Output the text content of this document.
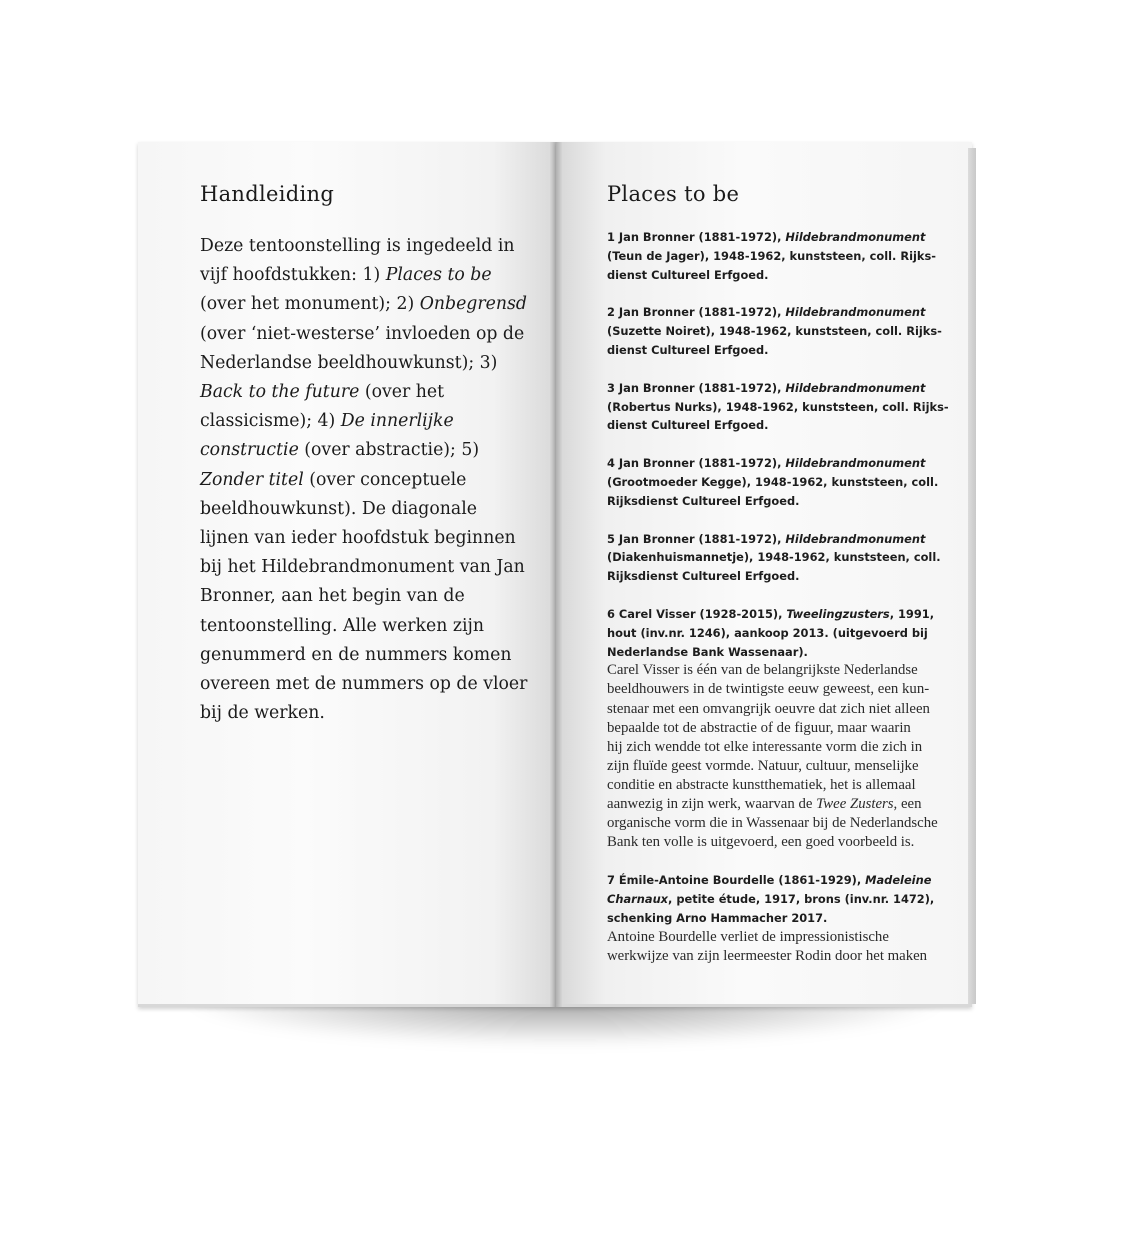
Handleiding

Deze tentoonstelling is ingedeeld in vijf hoofdstukken: 1) Places to be (over het monument); 2) Onbegrensd (over ‘niet-westerse’ invloeden op de Nederlandse beeldhouwkunst); 3) Back to the future (over het classicisme); 4) De innerlijke constructie (over abstractie); 5) Zonder titel (over conceptuele beeldhouwkunst). De diagonale lijnen van ieder hoofdstuk beginnen bij het Hildebrandmonument van Jan Bronner, aan het begin van de tentoonstelling. Alle werken zijn genummerd en de nummers komen overeen met de nummers op de vloer bij de werken.

Places to be

1 Jan Bronner (1881-1972), Hildebrandmonument
(Teun de Jager), 1948-1962, kunststeen, coll. Rijks-
dienst Cultureel Erfgoed.

2 Jan Bronner (1881-1972), Hildebrandmonument
(Suzette Noiret), 1948-1962, kunststeen, coll. Rijks-
dienst Cultureel Erfgoed.

3 Jan Bronner (1881-1972), Hildebrandmonument
(Robertus Nurks), 1948-1962, kunststeen, coll. Rijks-
dienst Cultureel Erfgoed.

4 Jan Bronner (1881-1972), Hildebrandmonument
(Grootmoeder Kegge), 1948-1962, kunststeen, coll.
Rijksdienst Cultureel Erfgoed.

5 Jan Bronner (1881-1972), Hildebrandmonument
(Diakenhuismannetje), 1948-1962, kunststeen, coll.
Rijksdienst Cultureel Erfgoed.

6 Carel Visser (1928-2015), Tweelingzusters, 1991,
hout (inv.nr. 1246), aankoop 2013. (uitgevoerd bij
Nederlandse Bank Wassenaar).

Carel Visser is één van de belangrijkste Nederlandse
beeldhouwers in de twintigste eeuw geweest, een kun-
stenaar met een omvangrijk oeuvre dat zich niet alleen
bepaalde tot de abstractie of de figuur, maar waarin
hij zich wendde tot elke interessante vorm die zich in
zijn fluïde geest vormde. Natuur, cultuur, menselijke
conditie en abstracte kunstthematiek, het is allemaal
aanwezig in zijn werk, waarvan de Twee Zusters, een
organische vorm die in Wassenaar bij de Nederlandsche
Bank ten volle is uitgevoerd, een goed voorbeeld is.

7 Émile-Antoine Bourdelle (1861-1929), Madeleine
Charnaux, petite étude, 1917, brons (inv.nr. 1472),
schenking Arno Hammacher 2017.

Antoine Bourdelle verliet de impressionistische
werkwijze van zijn leermeester Rodin door het maken
